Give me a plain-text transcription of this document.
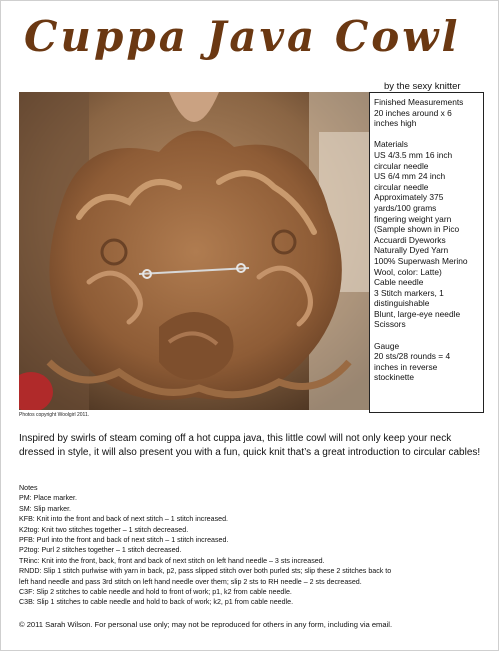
Cuppa Java Cowl
by the sexy knitter
Photos copyright Woolgirl 2011.
Finished Measurements
20 inches around x 6
inches high
Materials
US 4/3.5 mm 16 inch
circular needle
US 6/4 mm 24 inch
circular needle
Approximately 375
yards/100 grams
fingering weight yarn
(Sample shown in Pico
Accuardi Dyeworks
Naturally Dyed Yarn
100% Superwash Merino
Wool, color: Latte)
Cable needle
3 Stitch markers, 1
distinguishable
Blunt, large-eye needle
Scissors
Gauge
20 sts/28 rounds = 4
inches in reverse
stockinette
Inspired by swirls of steam coming off a hot cuppa java, this little cowl will not only keep your neck dressed in style, it will also present you with a fun, quick knit that’s a great introduction to circular cables!
Notes
PM: Place marker.
SM: Slip marker.
KFB: Knit into the front and back of next stitch – 1 stitch increased.
K2tog: Knit two stitches together – 1 stitch decreased.
PFB: Purl into the front and back of next stitch – 1 stitch increased.
P2tog: Purl 2 stitches together – 1 stitch decreased.
TRinc: Knit into the front, back, front and back of next stitch on left hand needle – 3 sts increased.
RNDD: Slip 1 stitch purlwise with yarn in back, p2, pass slipped stitch over both purled sts; slip these 2 stitches back to
left hand needle and pass 3rd stitch on left hand needle over them; slip 2 sts to RH needle – 2 sts decreased.
C3F: Slip 2 stitches to cable needle and hold to front of work; p1, k2 from cable needle.
C3B: Slip 1 stitches to cable needle and hold to back of work; k2, p1 from cable needle.
© 2011 Sarah Wilson. For personal use only; may not be reproduced for others in any form, including via email.
